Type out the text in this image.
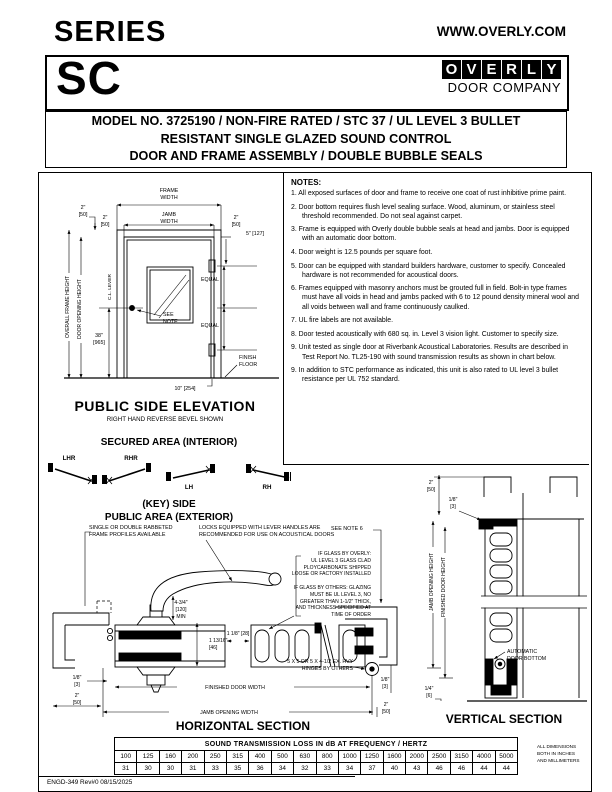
SERIES	WWW.OVERLY.COM
SC	O V E R L Y
DOOR COMPANY
MODEL NO. 3725190 / NON-FIRE RATED / STC 37 / UL LEVEL 3 BULLET
RESISTANT SINGLE GLAZED SOUND CONTROL
DOOR AND FRAME ASSEMBLY / DOUBLE BUBBLE SEALS
FRAME
WIDTH
JAMB
WIDTH
2"
[50]
2"
[50]
2"
[50]
5" [127]
EQUAL
EQUAL
38"
[965]
SEE
NOTE
FINISH
FLOOR
10" [254]
OVERALL FRAME HEIGHT DOOR OPENING HEIGHT	C.L. LEVER
PUBLIC SIDE ELEVATION
RIGHT HAND REVERSE BEVEL SHOWN
SECURED AREA (INTERIOR)
LHR	RHR
LH	RH
(KEY) SIDE
PUBLIC AREA (EXTERIOR)
NOTES:
1. All exposed surfaces of door and frame to receive one coat of rust inhibitive prime paint.
2. Door bottom requires flush level sealing surface. Wood, aluminum, or stainless steel threshold recommended. Do not seal against carpet.
3. Frame is equipped with Overly double bubble seals at head and jambs. Door is equipped with an automatic door bottom.
4. Door weight is 12.5 pounds per square foot.
5. Door can be equipped with standard builders hardware, customer to specify. Concealed hardware is not recommended for acoustical doors.
6. Frames equipped with masonry anchors must be grouted full in field. Bolt-in type frames must have all voids in head and jambs packed with 6 to 12 pound density mineral wool and all voids between wall and frame continuously caulked.
7. UL fire labels are not available.
8. Door tested acoustically with 680 sq. in. Level 3 vision light. Customer to specify size.
9. Unit tested as single door at Riverbank Acoustical Laboratories. Results are described in Test Report No. TL25-190 with sound transmission results as shown in chart below.
9. In addition to STC performance as indicated, this unit is also rated to UL level 3 bullet resistance per UL 752 standard.
4-3/4"
[120]
MIN
1 13/16"
[46]
1 1/8" [28]
1/8"
[3]
2"
[50]
1/8"
[3]
2"
[50]
FINISHED DOOR WIDTH
JAMB OPENING WIDTH
HORIZONTAL SECTION
2"
[50]
1/8"
[3]
1/4"
[6]
JAMB OPENING HEIGHT FINISHED DOOR HEIGHT
VERTICAL SECTION
SINGLE OR DOUBLE RABBETED
FRAME PROFILES AVAILABLE
LOCKS EQUIPPED WITH LEVER HANDLES ARE
RECOMMENDED FOR USE ON ACOUSTICAL DOORS
SEE NOTE 6
IF GLASS BY OVERLY:
UL LEVEL 3 GLASS CLAD
PLOYCARBONATE SHIPPED
LOOSE OR FACTORY INSTALLED
IF GLASS BY OTHERS: GLAZING
MUST BE UL LEVEL 3, NO
GREATER THAN 1-1/2" THICK,
AND THICKNESS SPECIFIED AT
TIME OF ORDER
5 X 5 OR 5 X 4-1/2 EX. HVY
HINGES BY OTHERS
AUTOMATIC
DOOR BOTTOM
SOUND TRANSMISSION LOSS IN dB AT FREQUENCY / HERTZ																	
100	125	160	200	250	315	400	500	630	800	1000	1250	1600	2000	2500	3150	4000	5000
31	30	30	31	33	35	36	34	32	33	34	37	40	43	46	46	44	44
ALL DIMENSIONS
BOTH IN INCHES
AND MILLIMETERS
ENGD-349 Rev#0 08/15/2025
